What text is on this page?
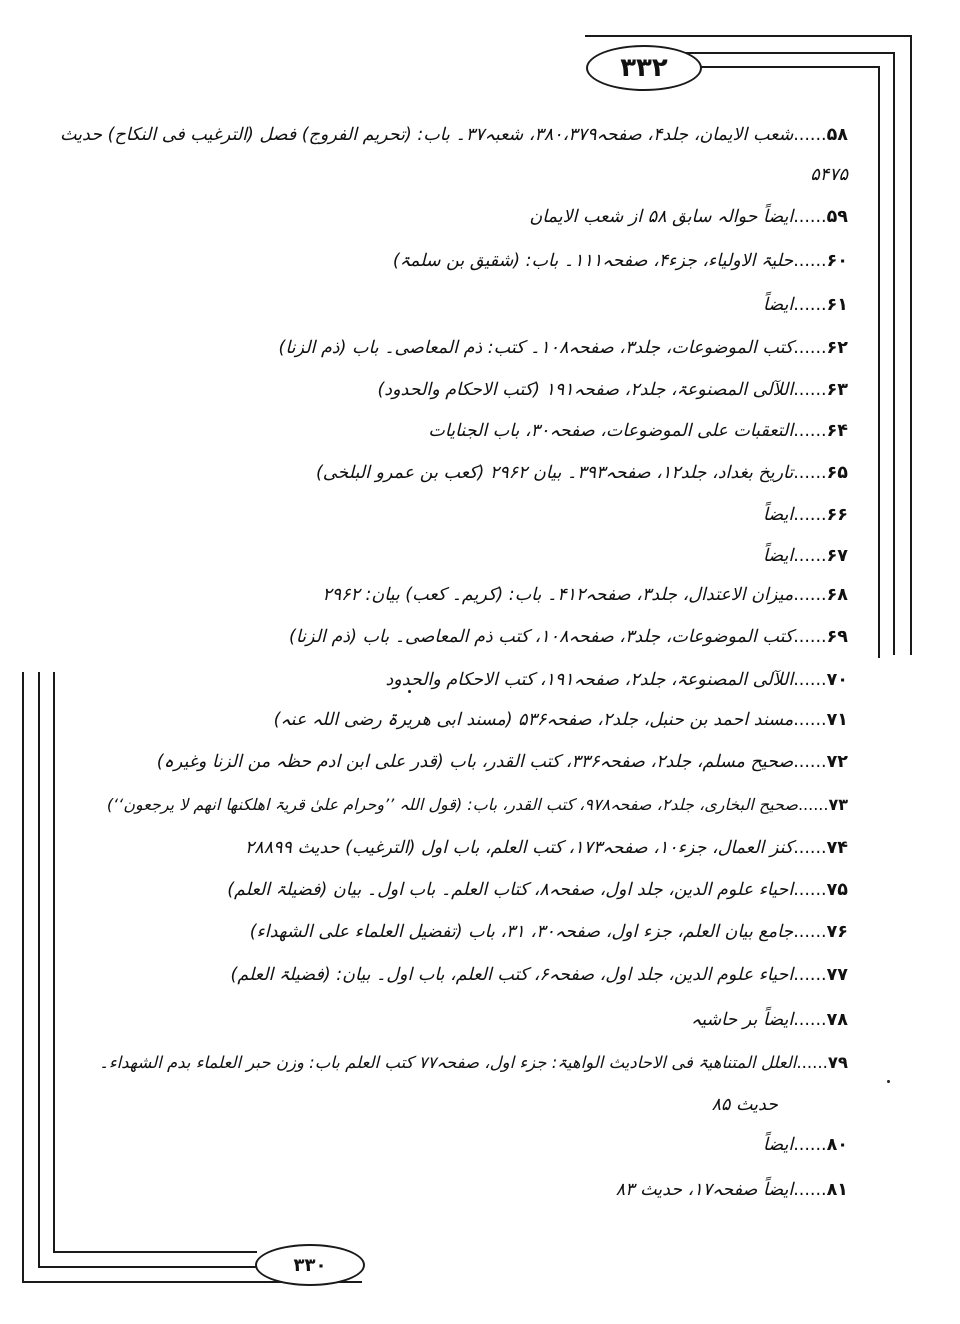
۳۳۲
۳۳۰
۵۸......شعب الایمان، جلد۴، صفحہ۳۸۰،۳۷۹، شعبہ۳۷۔ باب: (تحریم الفروج) فصل (الترغیب فی النکاح) حدیث
۵۴۷۵
۵۹......ایضاً حوالہ سابق ۵۸ از شعب الایمان
۶۰......حلیۃ الاولیاء، جزء۴، صفحہ۱۱۱۔ باب: (شقیق بن سلمۃ)
۶۱......ایضاً
۶۲......کتب الموضوعات، جلد۳، صفحہ۱۰۸۔ کتب: ذم المعاصی۔ باب (ذم الزنا)
۶۳......اللآلی المصنوعۃ، جلد۲، صفحہ۱۹۱ (کتب الاحکام والحدود)
۶۴......التعقبات علی الموضوعات، صفحہ۳۰، باب الجنایات
۶۵......تاریخ بغداد، جلد۱۲، صفحہ۳۹۳۔ بیان ۲۹۶۲ (کعب بن عمرو البلخی)
۶۶......ایضاً
۶۷......ایضاً
۶۸......میزان الاعتدال، جلد۳، صفحہ۴۱۲۔ باب: (کریم۔ کعب) بیان: ۲۹۶۲
۶۹......کتب الموضوعات، جلد۳، صفحہ۱۰۸، کتب ذم المعاصی۔ باب (ذم الزنا)
۷۰......اللآلی المصنوعۃ، جلد۲، صفحہ۱۹۱، کتب الاحکام والحدود
۷۱......مسند احمد بن حنبل، جلد۲، صفحہ۵۳۶ (مسند ابی ھریرۃ رضی اللہ عنہ)
۷۲......صحیح مسلم، جلد۲، صفحہ۳۳۶، کتب القدر، باب (قدر علی ابن ادم حظہ من الزنا وغیرہ)
۷۳......صحیح البخاری، جلد۲، صفحہ۹۷۸، کتب القدر، باب: (قول اللہ ’’وحرام علیٰ قریۃ اھلکنھا انھم لا یرجعون‘‘)
۷۴......کنز العمال، جزء۱۰، صفحہ۱۷۳، کتب العلم، باب اول (الترغیب) حدیث ۲۸۸۹۹
۷۵......احیاء علوم الدین، جلد اول، صفحہ۸، کتاب العلم۔ باب اول۔ بیان (فضیلۃ العلم)
۷۶......جامع بیان العلم، جزء اول، صفحہ۳۰، ۳۱، باب (تفضیل العلماء علی الشھداء)
۷۷......احیاء علوم الدین، جلد اول، صفحہ۶، کتب العلم، باب اول۔ بیان: (فضیلۃ العلم)
۷۸......ایضاً بر حاشیہ
۷۹......العلل المتناھیۃ فی الاحادیث الواھیۃ: جزء اول، صفحہ۷۷ کتب العلم باب: وزن حبر العلماء بدم الشھداء۔
حدیث ۸۵
۸۰......ایضاً
۸۱......ایضاً صفحہ۱۷، حدیث ۸۳
